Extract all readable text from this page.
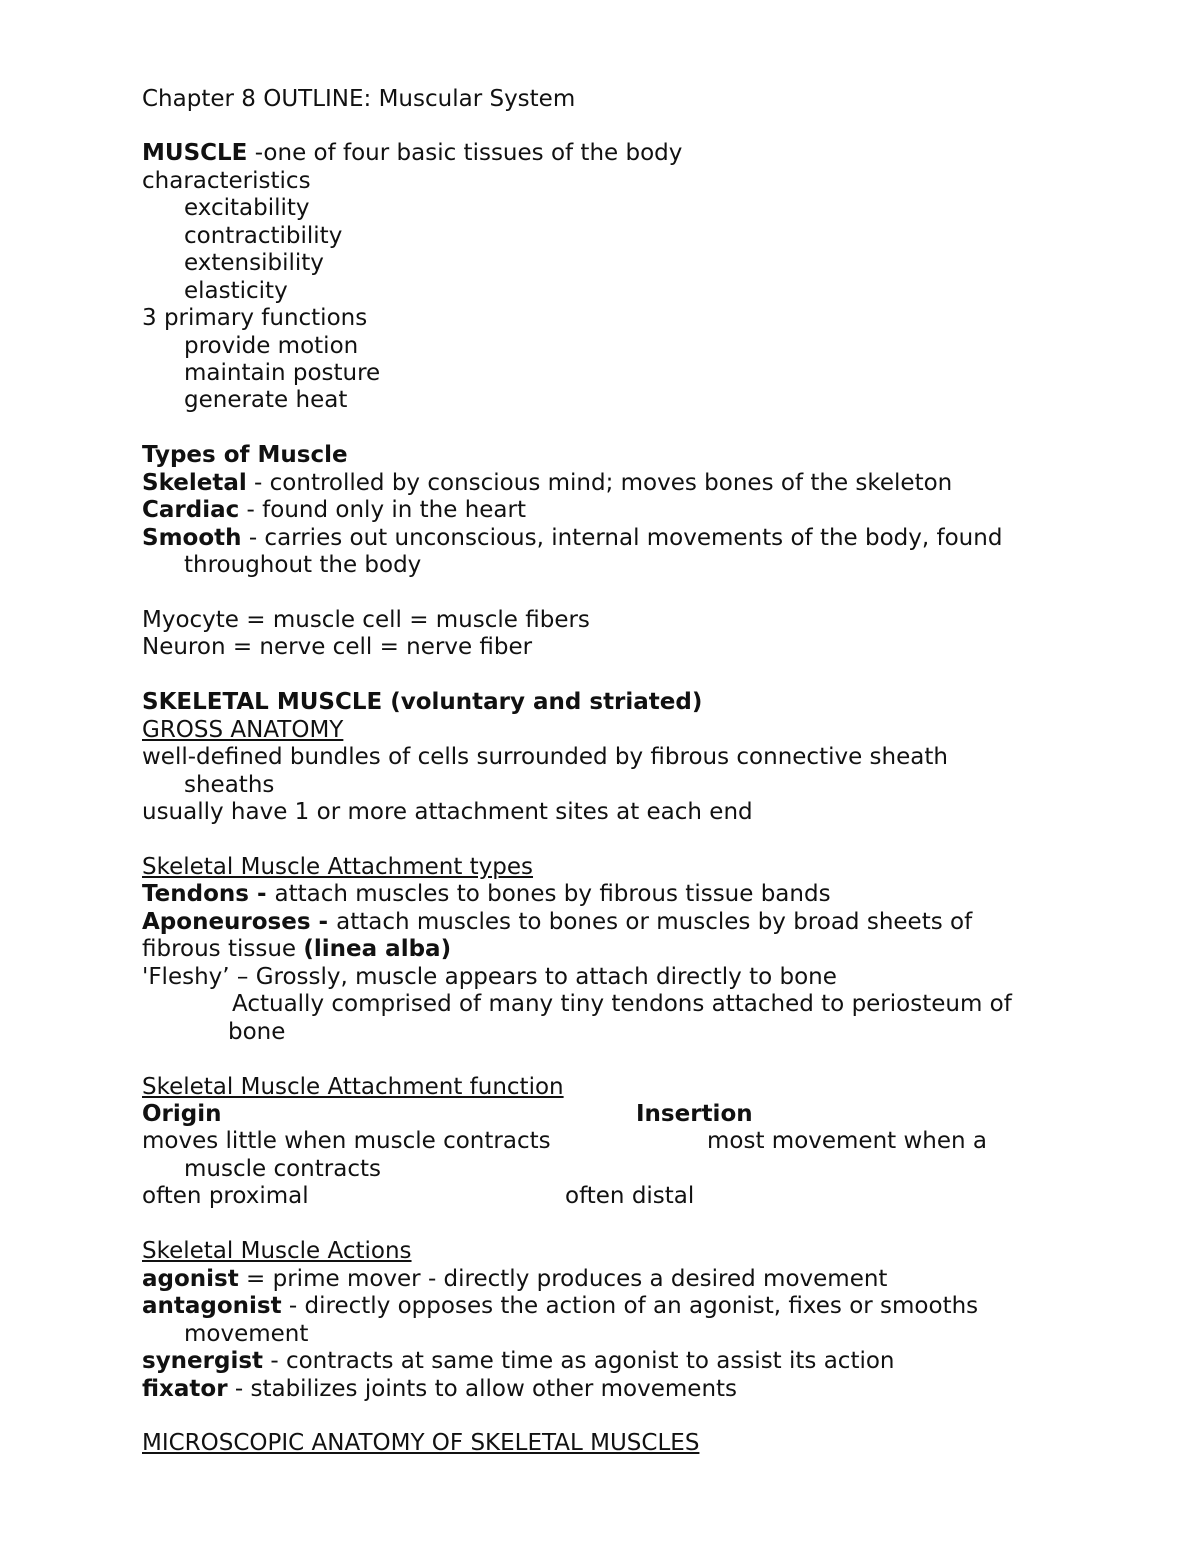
Chapter 8 OUTLINE: Muscular System
MUSCLE -one of four basic tissues of the body
characteristics
excitability
contractibility
extensibility
elasticity
3 primary functions
provide motion
maintain posture
generate heat
Types of Muscle
Skeletal - controlled by conscious mind; moves bones of the skeleton
Cardiac - found only in the heart
Smooth - carries out unconscious, internal movements of the body, found
throughout the body
Myocyte = muscle cell = muscle fibers
Neuron = nerve cell = nerve fiber
SKELETAL MUSCLE (voluntary and striated)
GROSS ANATOMY
well-defined bundles of cells surrounded by fibrous connective sheath
sheaths
usually have 1 or more attachment sites at each end
Skeletal Muscle Attachment types
Tendons - attach muscles to bones by fibrous tissue bands
Aponeuroses - attach muscles to bones or muscles by broad sheets of
fibrous tissue (linea alba)
'Fleshy’ – Grossly, muscle appears to attach directly to bone
Actually comprised of many tiny tendons attached to periosteum of
bone
Skeletal Muscle Attachment function
Origin	Insertion
moves little when muscle contracts	most movement when a
muscle contracts
often proximal	often distal
Skeletal Muscle Actions
agonist = prime mover - directly produces a desired movement
antagonist - directly opposes the action of an agonist, fixes or smooths
movement
synergist - contracts at same time as agonist to assist its action
fixator - stabilizes joints to allow other movements
MICROSCOPIC ANATOMY OF SKELETAL MUSCLES
